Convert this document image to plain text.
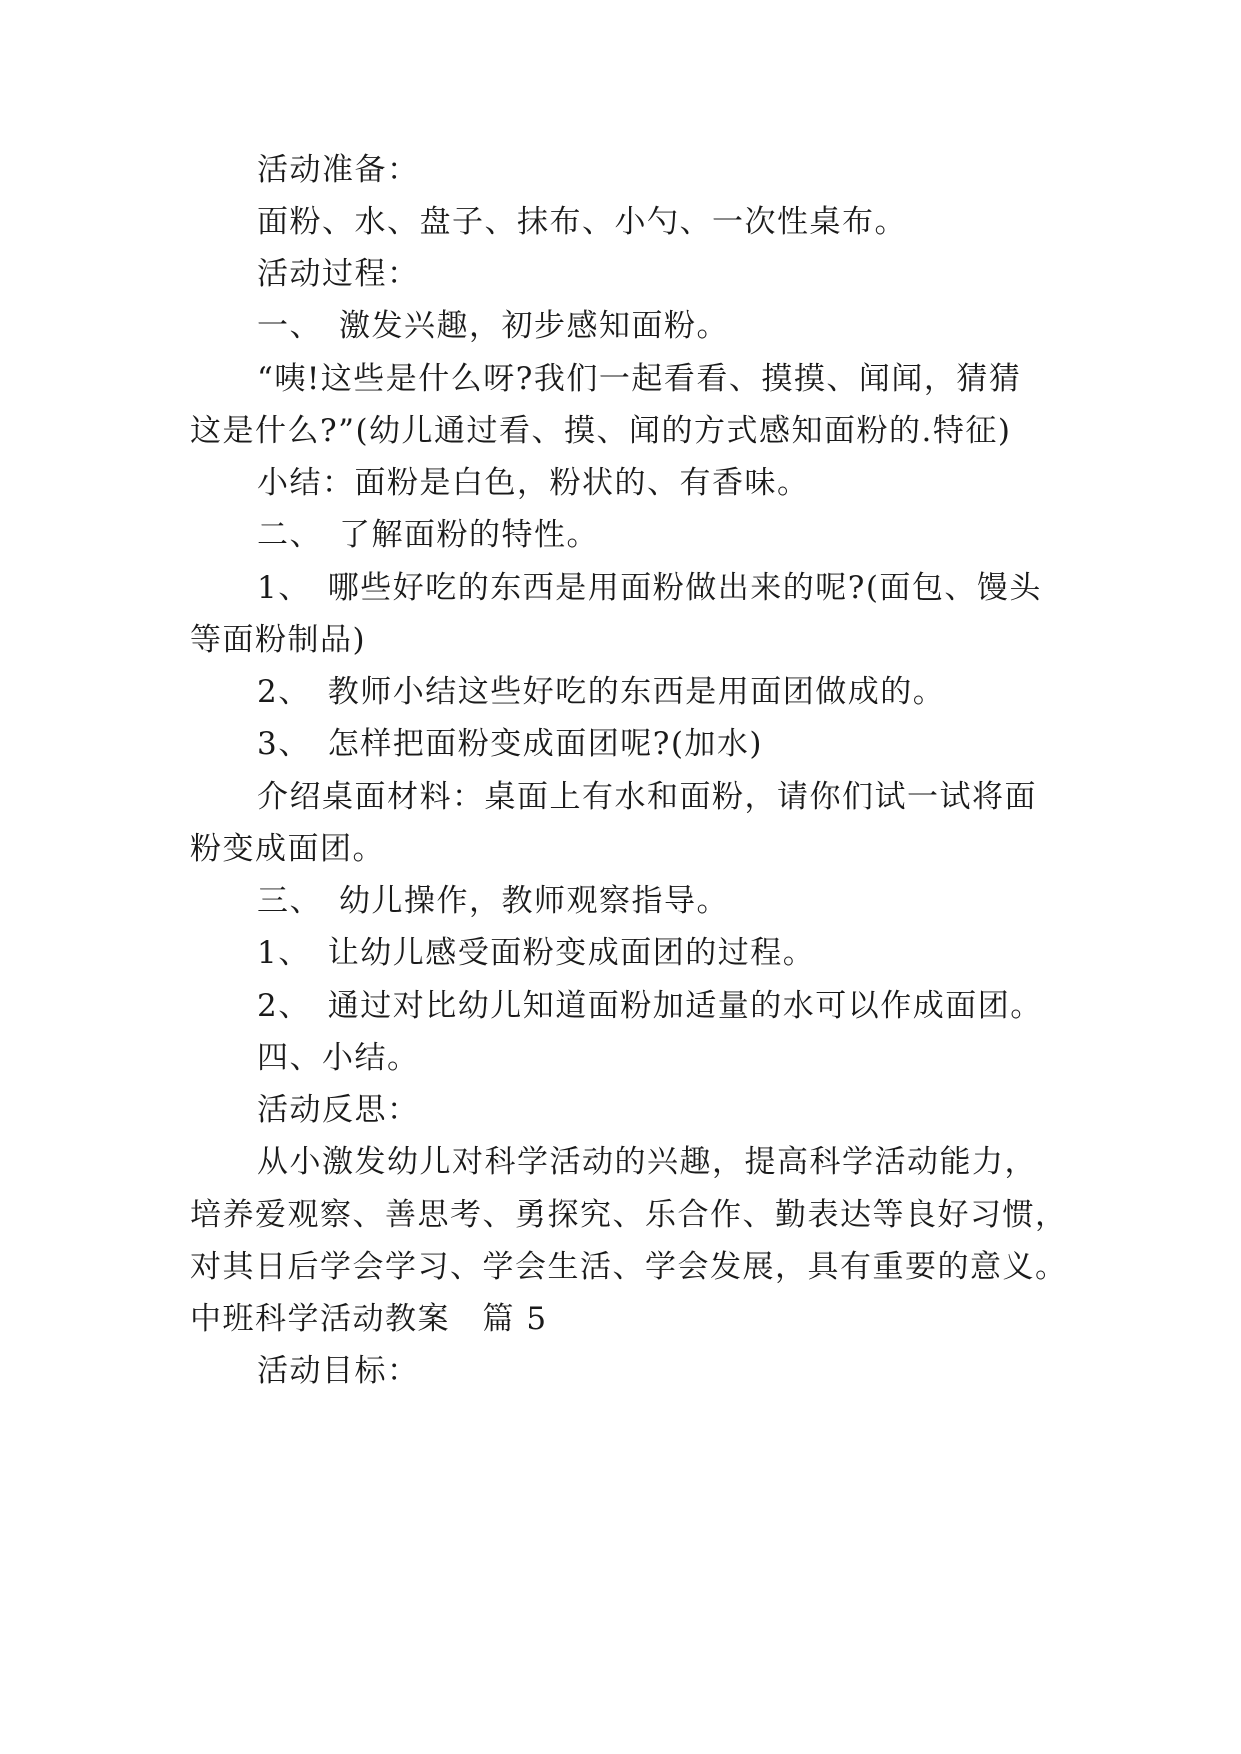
活动准备：
面粉、水、盘子、抹布、小勺、一次性桌布。
活动过程：
一、　激发兴趣，初步感知面粉。
“咦!这些是什么呀?我们一起看看、摸摸、闻闻，猜猜
这是什么?”(幼儿通过看、摸、闻的方式感知面粉的.特征)
小结：面粉是白色，粉状的、有香味。
二、　了解面粉的特性。
1、　哪些好吃的东西是用面粉做出来的呢?(面包、馒头
等面粉制品)
2、　教师小结这些好吃的东西是用面团做成的。
3、　怎样把面粉变成面团呢?(加水)
介绍桌面材料：桌面上有水和面粉，请你们试一试将面
粉变成面团。
三、　幼儿操作，教师观察指导。
1、　让幼儿感受面粉变成面团的过程。
2、　通过对比幼儿知道面粉加适量的水可以作成面团。
四、小结。
活动反思：
从小激发幼儿对科学活动的兴趣，提高科学活动能力，
培养爱观察、善思考、勇探究、乐合作、勤表达等良好习惯，
对其日后学会学习、学会生活、学会发展，具有重要的意义。
中班科学活动教案　篇 5
活动目标：
